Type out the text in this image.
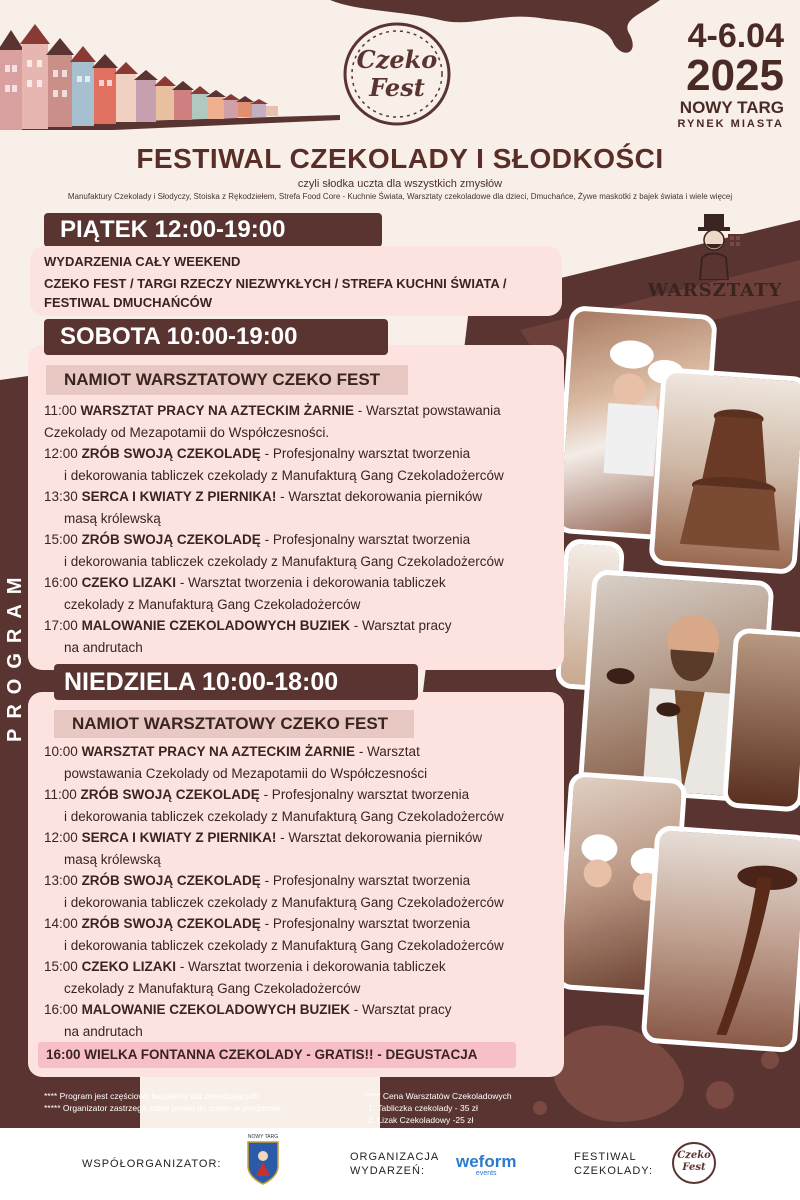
Czeko Fest
4-6.04
2025
NOWY TARG
RYNEK MIASTA
FESTIWAL CZEKOLADY I SŁODKOŚCI
czyli słodka uczta dla wszystkich zmysłów
Manufaktury Czekolady i Słodyczy, Stoiska z Rękodziełem, Strefa Food Core - Kuchnie Świata, Warsztaty czekoladowe dla dzieci, Dmuchańce, Żywe maskotki z bajek świata i wiele więcej
PROGRAM
WARSZTATY
PIĄTEK 12:00-19:00
WYDARZENIA CAŁY WEEKEND
CZEKO FEST / TARGI RZECZY NIEZWYKŁYCH / STREFA KUCHNI ŚWIATA /
FESTIWAL DMUCHAŃCÓW
SOBOTA 10:00-19:00
NAMIOT WARSZTATOWY CZEKO FEST
11:00 WARSZTAT PRACY NA AZTECKIM ŻARNIE - Warsztat powstawania
Czekolady od Mezapotamii do Współczesności.
12:00 ZRÓB SWOJĄ CZEKOLADĘ - Profesjonalny warsztat tworzenia
i dekorowania tabliczek czekolady z Manufakturą Gang Czekoladożerców
13:30 SERCA I KWIATY Z PIERNIKA! - Warsztat dekorowania pierników
masą królewską
15:00 ZRÓB SWOJĄ CZEKOLADĘ - Profesjonalny warsztat tworzenia
i dekorowania tabliczek czekolady z Manufakturą Gang Czekoladożerców
16:00 CZEKO LIZAKI - Warsztat tworzenia i dekorowania tabliczek
czekolady z Manufakturą Gang Czekoladożerców
17:00 MALOWANIE CZEKOLADOWYCH BUZIEK - Warsztat pracy
na andrutach
NIEDZIELA 10:00-18:00
NAMIOT WARSZTATOWY CZEKO FEST
10:00 WARSZTAT PRACY NA AZTECKIM ŻARNIE - Warsztat
powstawania Czekolady od Mezapotamii do Współczesności
11:00 ZRÓB SWOJĄ CZEKOLADĘ - Profesjonalny warsztat tworzenia
i dekorowania tabliczek czekolady z Manufakturą Gang Czekoladożerców
12:00 SERCA I KWIATY Z PIERNIKA! - Warsztat dekorowania pierników
masą królewską
13:00 ZRÓB SWOJĄ CZEKOLADĘ - Profesjonalny warsztat tworzenia
i dekorowania tabliczek czekolady z Manufakturą Gang Czekoladożerców
14:00 ZRÓB SWOJĄ CZEKOLADĘ - Profesjonalny warsztat tworzenia
i dekorowania tabliczek czekolady z Manufakturą Gang Czekoladożerców
15:00 CZEKO LIZAKI - Warsztat tworzenia i dekorowania tabliczek
czekolady z Manufakturą Gang Czekoladożerców
16:00 MALOWANIE CZEKOLADOWYCH BUZIEK - Warsztat pracy
na andrutach
16:00 WIELKA FONTANNA CZEKOLADY - GRATIS!! - DEGUSTACJA
**** Program jest częściowo bezpłatny dla zwiedzających
***** Organizator zastrzega sobie prawo do zmian w programie.
***** Cena Warsztatów Czekoladowych
1. Tabliczka czekolady - 35 zł
2. Lizak Czekoladowy -25 zł
WSPÓŁORGANIZATOR:
NOWY TARG
ORGANIZACJA
WYDARZEŃ:	weform
events
FESTIWAL
CZEKOLADY:
Czeko Fest
